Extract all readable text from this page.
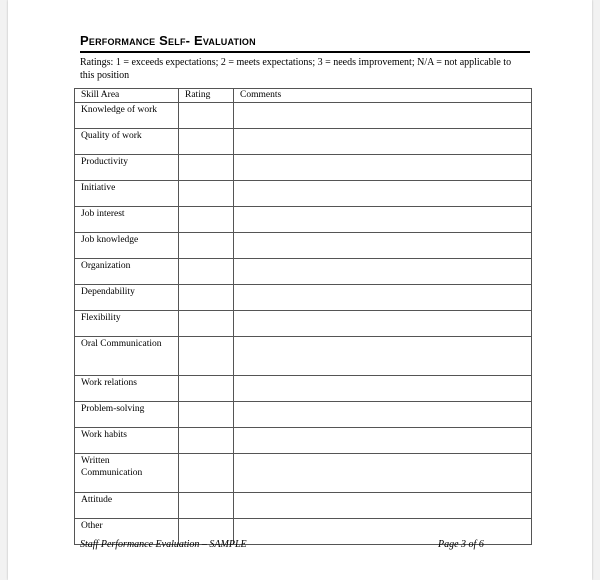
Performance Self- Evaluation
Ratings: 1 = exceeds expectations; 2 = meets expectations; 3 = needs improvement; N/A = not applicable to this position
Skill Area	Rating	Comments
Knowledge of work		
Quality of work		
Productivity		
Initiative		
Job interest		
Job knowledge		
Organization		
Dependability		
Flexibility		
Oral Communication		
Work relations		
Problem-solving		
Work habits		
Written Communication		
Attitude		
Other		
Staff Performance Evaluation – SAMPLE	Page 3 of 6
